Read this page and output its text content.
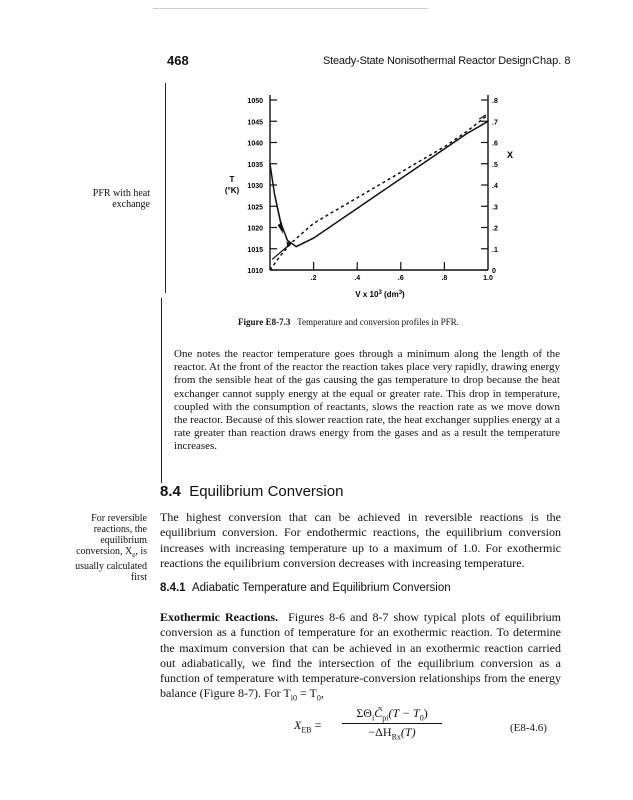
468	Steady-State Nonisothermal Reactor Design Chap. 8
PFR with heat
exchange
For reversible
reactions, the
equilibrium
conversion, $X_e$, is
usually calculated
first
1050
1045
1040
1035
1030
1025
1020
1015
1010
.8
.7
.6
.5
.4
.3
.2
.1
0
.2	.4	.6	.8	1.0
T
(°K)
X
V x $10^3$ $(dm^3)$
Figure E8-7.3 Temperature and conversion profiles in PFR.

One notes the reactor temperature goes through a minimum along the length of the reactor. At the front of the reactor the reaction takes place very rapidly, drawing energy from the sensible heat of the gas causing the gas temperature to drop because the heat exchanger cannot supply energy at the equal or greater rate. This drop in temperature, coupled with the consumption of reactants, slows the reaction rate as we move down the reactor. Because of this slower reaction rate, the heat exchanger supplies energy at a rate greater than reaction draws energy from the gases and as a result the temperature increases.

8.4 Equilibrium Conversion
The highest conversion that can be achieved in reversible reactions is the equilibrium conversion. For endothermic reactions, the equilibrium conversion increases with increasing temperature up to a maximum of 1.0. For exothermic reactions the equilibrium conversion decreases with increasing temperature.
8.4.1 Adiabatic Temperature and Equilibrium Conversion
Exothermic Reactions. Figures 8-6 and 8-7 show typical plots of equilibrium conversion as a function of temperature for an exothermic reaction. To determine the maximum conversion that can be achieved in an exothermic reaction carried out adiabatically, we find the intersection of the equilibrium conversion as a function of temperature with temperature-conversion relationships from the energy balance (Figure 8-7). For $T_{i0} = T_0$,
$X_{EB}$ =
$\Sigma\Theta_iC̃_{pi}(T - T_0)$
$-\Delta H_{Rx}(T)$	(E8-4.6)
